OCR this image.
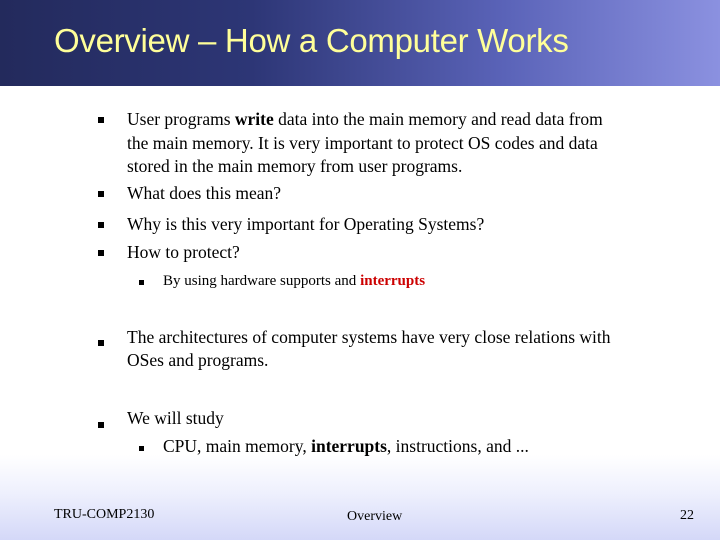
Overview – How a Computer Works
User programs write data into the main memory and read data from
the main memory. It is very important to protect OS codes and data
stored in the main memory from user programs.
What does this mean?
Why is this very important for Operating Systems?
How to protect?
By using hardware supports and interrupts
The architectures of computer systems have very close relations with
OSes and programs.
We will study
CPU, main memory, interrupts, instructions, and ...
TRU-COMP2130	Overview	22
